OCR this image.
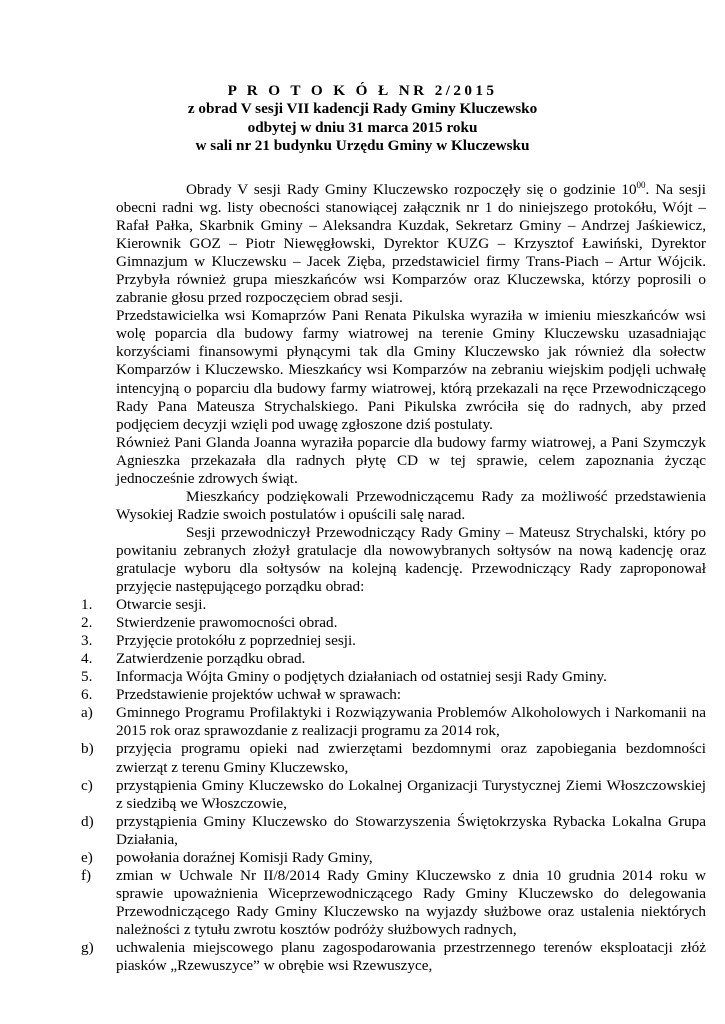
P R O T O K Ó Ł NR 2/2015
z obrad V sesji VII kadencji Rady Gminy Kluczewsko
odbytej w dniu 31 marca 2015 roku
w sali nr 21 budynku Urzędu Gminy w Kluczewsku

Obrady V sesji Rady Gminy Kluczewsko rozpoczęły się o godzinie $10^{00}$. Na sesji obecni radni wg. listy obecności stanowiącej załącznik nr 1 do niniejszego protokółu, Wójt – Rafał Pałka, Skarbnik Gminy – Aleksandra Kuzdak, Sekretarz Gminy – Andrzej Jaśkiewicz, Kierownik GOZ – Piotr Niewęgłowski, Dyrektor KUZG – Krzysztof Ławiński, Dyrektor Gimnazjum w Kluczewsku – Jacek Zięba, przedstawiciel firmy Trans-Piach – Artur Wójcik. Przybyła również grupa mieszkańców wsi Komparzów oraz Kluczewska, którzy poprosili o zabranie głosu przed rozpoczęciem obrad sesji.

Przedstawicielka wsi Komaprzów Pani Renata Pikulska wyraziła w imieniu mieszkańców wsi wolę poparcia dla budowy farmy wiatrowej na terenie Gminy Kluczewsku uzasadniając korzyściami finansowymi płynącymi tak dla Gminy Kluczewsko jak również dla sołectw Komparzów i Kluczewsko. Mieszkańcy wsi Komparzów na zebraniu wiejskim podjęli uchwałę intencyjną o poparciu dla budowy farmy wiatrowej, którą przekazali na ręce Przewodniczącego Rady Pana Mateusza Strychalskiego. Pani Pikulska zwróciła się do radnych, aby przed podjęciem decyzji wzięli pod uwagę zgłoszone dziś postulaty.

Również Pani Glanda Joanna wyraziła poparcie dla budowy farmy wiatrowej, a Pani Szymczyk Agnieszka przekazała dla radnych płytę CD w tej sprawie, celem zapoznania życząc jednocześnie zdrowych świąt.

Mieszkańcy podziękowali Przewodniczącemu Rady za możliwość przedstawienia Wysokiej Radzie swoich postulatów i opuścili salę narad.

Sesji przewodniczył Przewodniczący Rady Gminy – Mateusz Strychalski, który po powitaniu zebranych złożył gratulacje dla nowowybranych sołtysów na nową kadencję oraz gratulacje wyboru dla sołtysów na kolejną kadencję. Przewodniczący Rady zaproponował przyjęcie następującego porządku obrad:

1.	Otwarcie sesji.
2.	Stwierdzenie prawomocności obrad.
3.	Przyjęcie protokółu z poprzedniej sesji.
4.	Zatwierdzenie porządku obrad.
5.	Informacja Wójta Gminy o podjętych działaniach od ostatniej sesji Rady Gminy.
6.	Przedstawienie projektów uchwał w sprawach:
a)	Gminnego Programu Profilaktyki i Rozwiązywania Problemów Alkoholowych i Narkomanii na 2015 rok oraz sprawozdanie z realizacji programu za 2014 rok,
b)	przyjęcia programu opieki nad zwierzętami bezdomnymi oraz zapobiegania bezdomności zwierząt z terenu Gminy Kluczewsko,
c)	przystąpienia Gminy Kluczewsko do Lokalnej Organizacji Turystycznej Ziemi Włoszczowskiej z siedzibą we Włoszczowie,
d)	przystąpienia Gminy Kluczewsko do Stowarzyszenia Świętokrzyska Rybacka Lokalna Grupa Działania,
e)	powołania doraźnej Komisji Rady Gminy,
f)	zmian w Uchwale Nr II/8/2014 Rady Gminy Kluczewsko z dnia 10 grudnia 2014 roku w sprawie upoważnienia Wiceprzewodniczącego Rady Gminy Kluczewsko do delegowania Przewodniczącego Rady Gminy Kluczewsko na wyjazdy służbowe oraz ustalenia niektórych należności z tytułu zwrotu kosztów podróży służbowych radnych,
g)	uchwalenia miejscowego planu zagospodarowania przestrzennego terenów eksploatacji złóż piasków „Rzewuszyce” w obrębie wsi Rzewuszyce,
